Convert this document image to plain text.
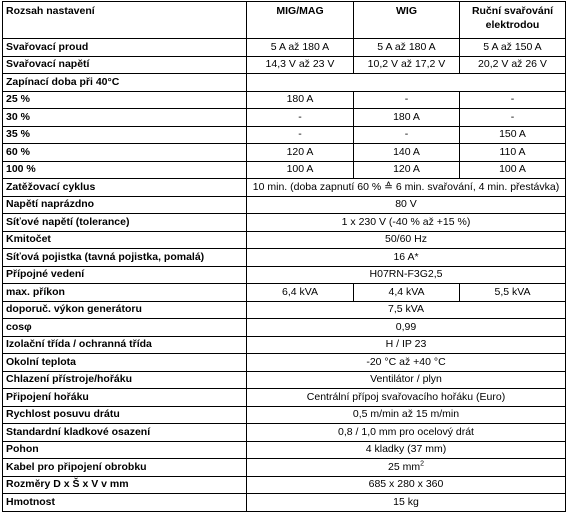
Rozsah nastavení	MIG/MAG	WIG	Ruční svařování elektrodou
Svařovací proud	5 A až 180 A	5 A až 180 A	5 A až 150 A
Svařovací napětí	14,3 V až 23 V	10,2 V až 17,2 V	20,2 V až 26 V
Zapínací doba při 40°C			
25 %	180 A	-	-
30 %	-	180 A	-
35 %	-	-	150 A
60 %	120 A	140 A	110 A
100 %	100 A	120 A	100 A
Zatěžovací cyklus	10 min. (doba zapnutí 60 % ≙ 6 min. svařování, 4 min. přestávka)		
Napětí naprázdno	80 V		
Síťové napětí (tolerance)	1 x 230 V (-40 % až +15 %)		
Kmitočet	50/60 Hz		
Síťová pojistka (tavná pojistka, pomalá)	16 A*		
Přípojné vedení	H07RN-F3G2,5		
max. příkon	6,4 kVA	4,4 kVA	5,5 kVA
doporuč. výkon generátoru	7,5 kVA		
cosφ	0,99		
Izolační třída / ochranná třída	H / IP 23		
Okolní teplota	-20 °C až +40 °C		
Chlazení přístroje/hořáku	Ventilátor / plyn		
Připojení hořáku	Centrální přípoj svařovacího hořáku (Euro)		
Rychlost posuvu drátu	0,5 m/min až 15 m/min		
Standardní kladkové osazení	0,8 / 1,0 mm pro ocelový drát		
Pohon	4 kladky (37 mm)		
Kabel pro připojení obrobku	25 $mm^2$
Rozměry D x Š x V v mm	685 x 280 x 360		
Hmotnost	15 kg		
